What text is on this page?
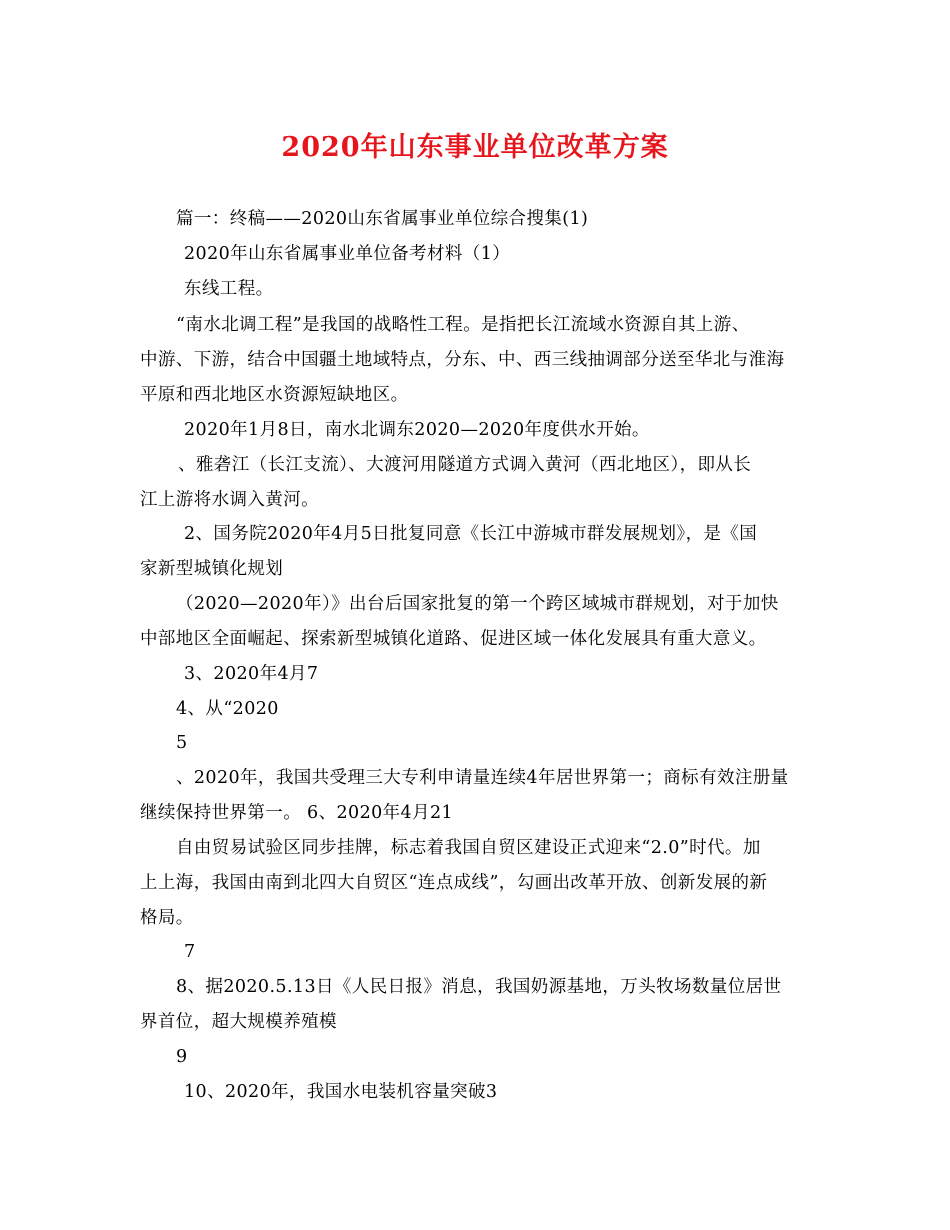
2020年山东事业单位改革方案
篇一：终稿——2020山东省属事业单位综合搜集(1)
2020年山东省属事业单位备考材料（1）
东线工程。
“南水北调工程”是我国的战略性工程。是指把长江流域水资源自其上游、
中游、下游，结合中国疆土地域特点，分东、中、西三线抽调部分送至华北与淮海
平原和西北地区水资源短缺地区。
2020年1月8日，南水北调东2020—2020年度供水开始。
、雅砻江（长江支流）、大渡河用隧道方式调入黄河（西北地区），即从长
江上游将水调入黄河。
2、国务院2020年4月5日批复同意《长江中游城市群发展规划》，是《国
家新型城镇化规划
（2020—2020年）》出台后国家批复的第一个跨区域城市群规划，对于加快
中部地区全面崛起、探索新型城镇化道路、促进区域一体化发展具有重大意义。
3、2020年4月7
4、从“2020
5
、2020年，我国共受理三大专利申请量连续4年居世界第一；商标有效注册量
继续保持世界第一。 6、2020年4月21
自由贸易试验区同步挂牌，标志着我国自贸区建设正式迎来“2.0”时代。加
上上海，我国由南到北四大自贸区“连点成线”，勾画出改革开放、创新发展的新
格局。
7
8、据2020.5.13日《人民日报》消息，我国奶源基地，万头牧场数量位居世
界首位，超大规模养殖模
9
10、2020年，我国水电装机容量突破3
